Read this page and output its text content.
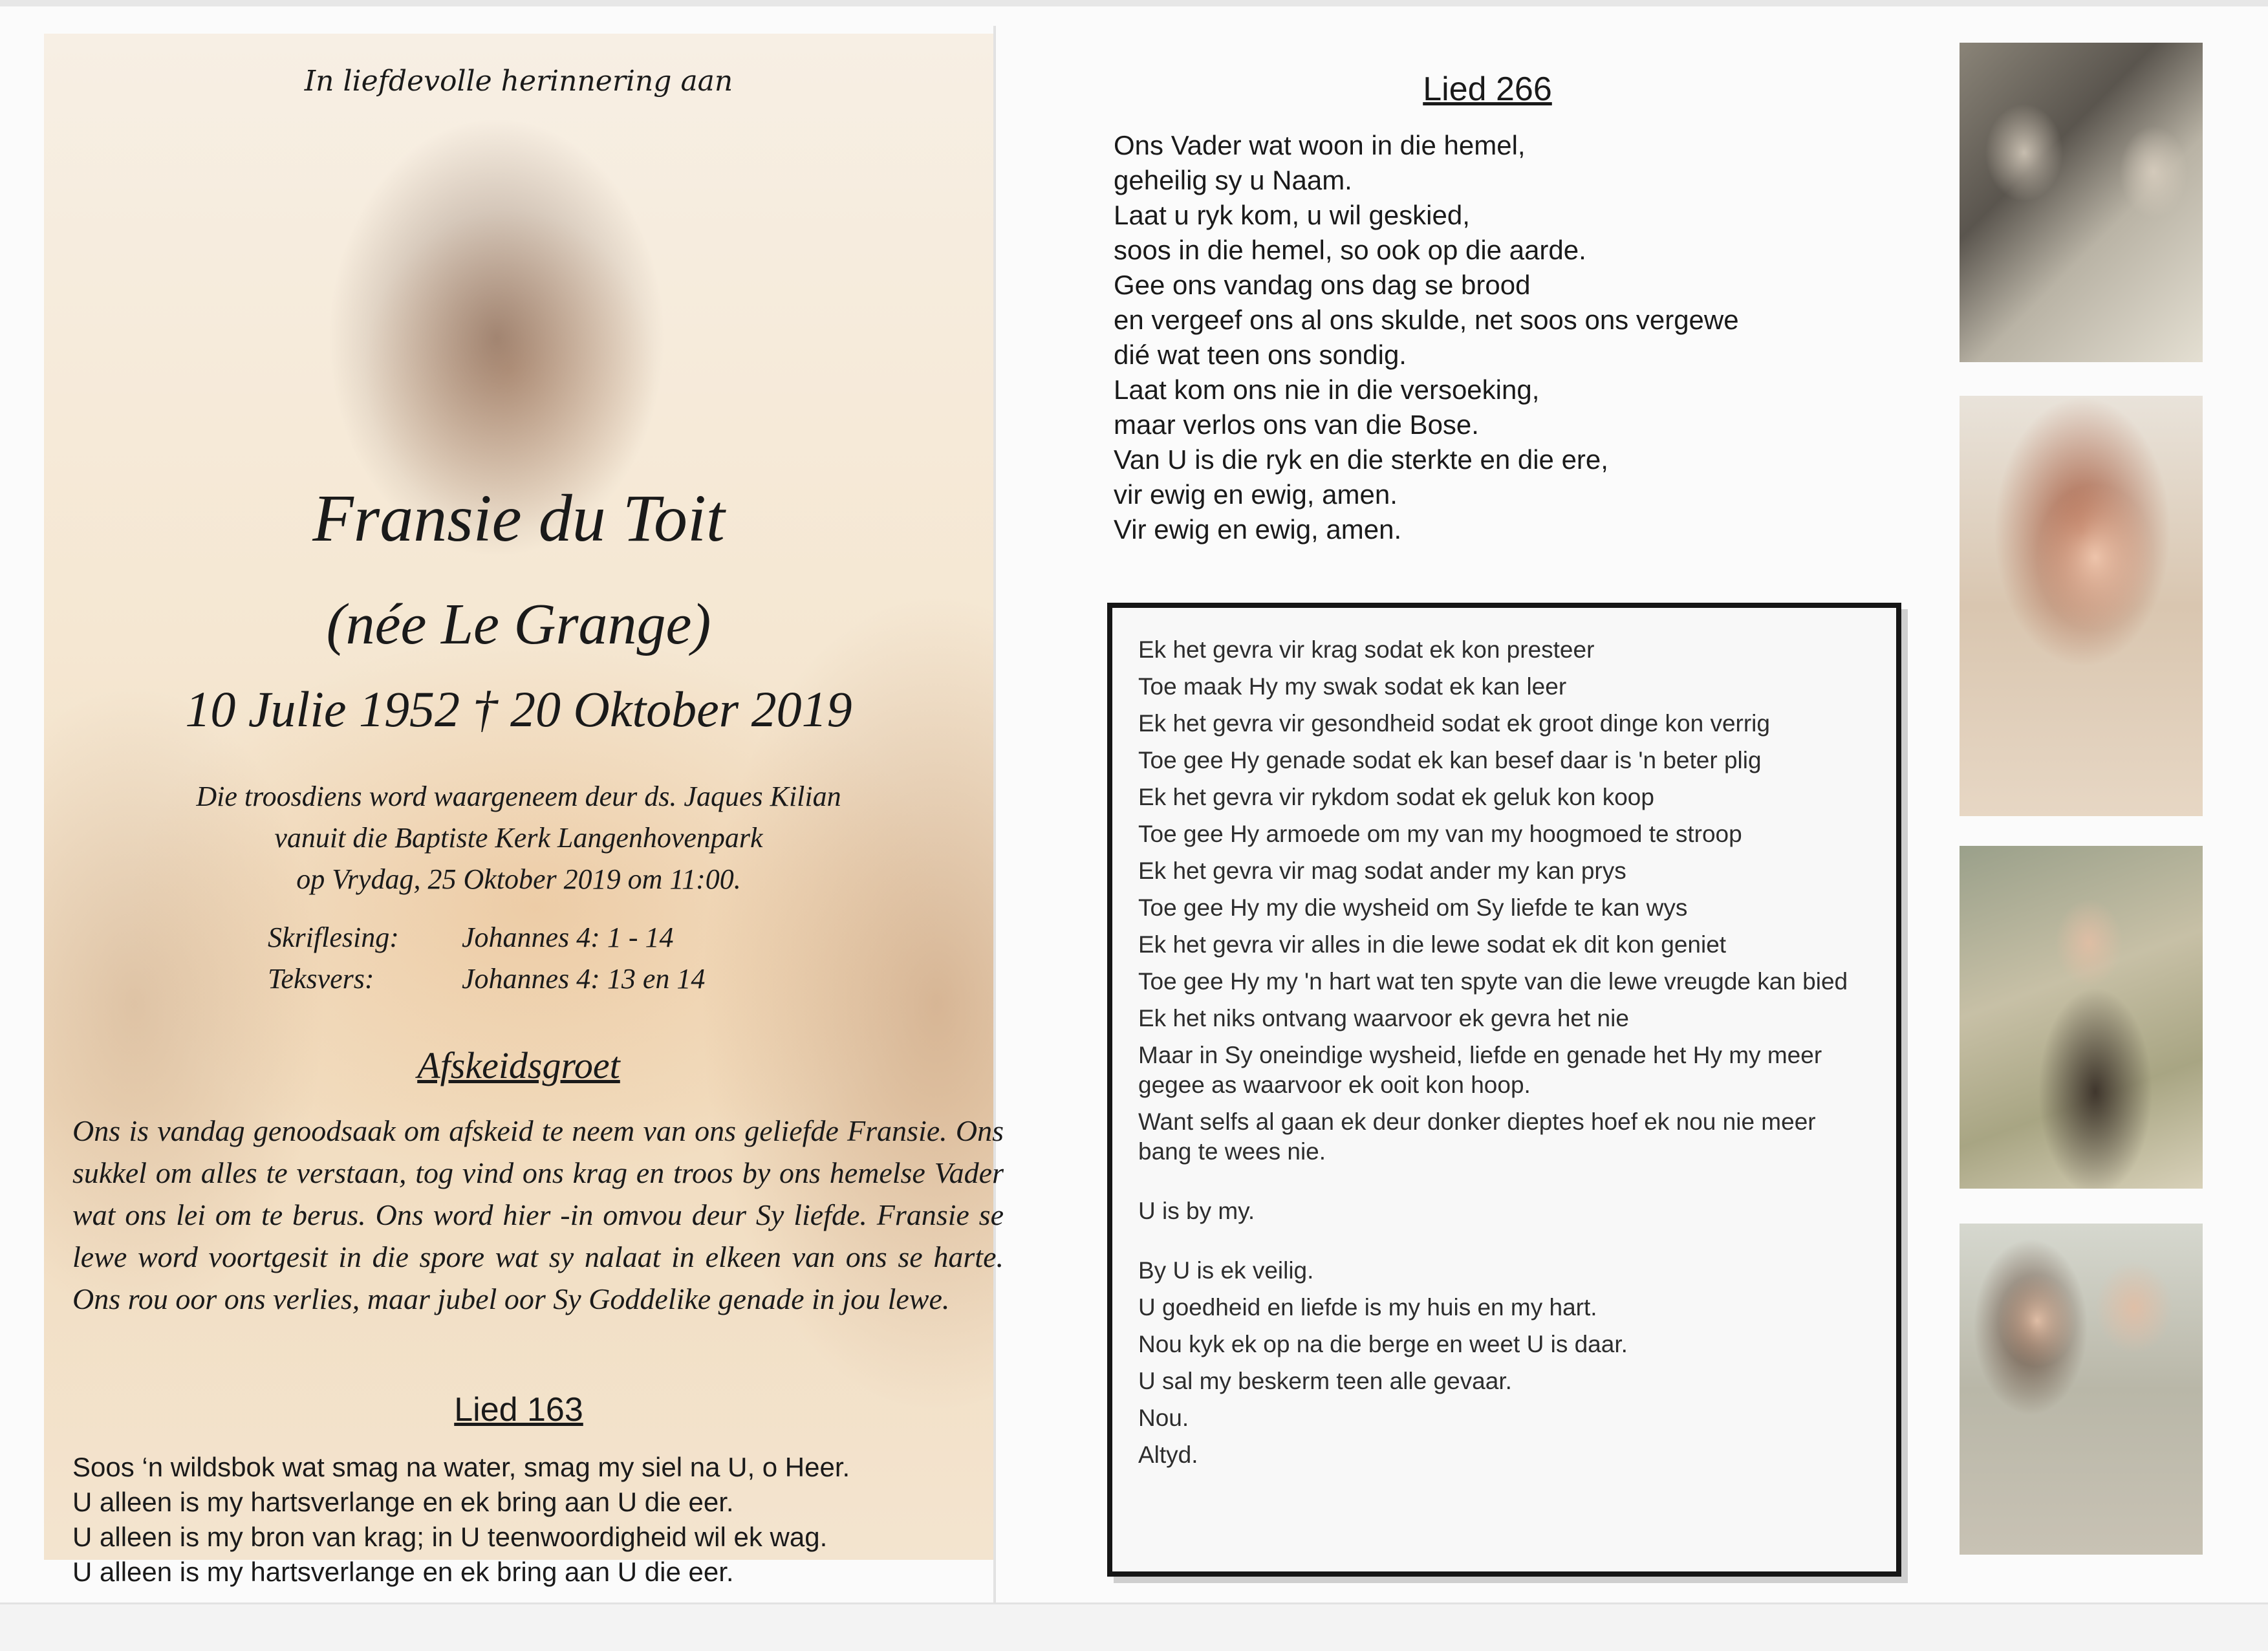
In liefdevolle herinnering aan
Fransie du Toit
(née Le Grange)
10 Julie 1952 † 20 Oktober 2019
Die troosdiens word waargeneem deur ds. Jaques Kilian
vanuit die Baptiste Kerk Langenhovenpark
op Vrydag, 25 Oktober 2019 om 11:00.
Skriflesing:	Johannes 4: 1 - 14
Teksvers:	Johannes 4: 13 en 14
Afskeidsgroet
Ons is vandag genoodsaak om afskeid te neem van ons geliefde Fransie. Ons sukkel om alles te verstaan, tog vind ons krag en troos by ons hemelse Vader wat ons lei om te berus. Ons word hier -in omvou deur Sy liefde. Fransie se lewe word voortgesit in die spore wat sy nalaat in elkeen van ons se harte. Ons rou oor ons verlies, maar jubel oor Sy Goddelike genade in jou lewe.
Lied 163
Soos ‘n wildsbok wat smag na water, smag my siel na U, o Heer.
U alleen is my hartsverlange en ek bring aan U die eer.
U alleen is my bron van krag; in U teenwoordigheid wil ek wag.
U alleen is my hartsverlange en ek bring aan U die eer.
Lied 266
Ons Vader wat woon in die hemel,
geheilig sy u Naam.
Laat u ryk kom, u wil geskied,
soos in die hemel, so ook op die aarde.
Gee ons vandag ons dag se brood
en vergeef ons al ons skulde, net soos ons vergewe
dié wat teen ons sondig.
Laat kom ons nie in die versoeking,
maar verlos ons van die Bose.
Van U is die ryk en die sterkte en die ere,
vir ewig en ewig, amen.
Vir ewig en ewig, amen.
Ek het gevra vir krag sodat ek kon presteer
Toe maak Hy my swak sodat ek kan leer
Ek het gevra vir gesondheid sodat ek groot dinge kon verrig
Toe gee Hy genade sodat ek kan besef daar is 'n beter plig
Ek het gevra vir rykdom sodat ek geluk kon koop
Toe gee Hy armoede om my van my hoogmoed te stroop
Ek het gevra vir mag sodat ander my kan prys
Toe gee Hy my die wysheid om Sy liefde te kan wys
Ek het gevra vir alles in die lewe sodat ek dit kon geniet
Toe gee Hy my 'n hart wat ten spyte van die lewe vreugde kan bied
Ek het niks ontvang waarvoor ek gevra het nie
Maar in Sy oneindige wysheid, liefde en genade het Hy my meer gegee as waarvoor ek ooit kon hoop.
Want selfs al gaan ek deur donker dieptes hoef ek nou nie meer bang te wees nie.
U is by my.
By U is ek veilig.
U goedheid en liefde is my huis en my hart.
Nou kyk ek op na die berge en weet U is daar.
U sal my beskerm teen alle gevaar.
Nou.
Altyd.
